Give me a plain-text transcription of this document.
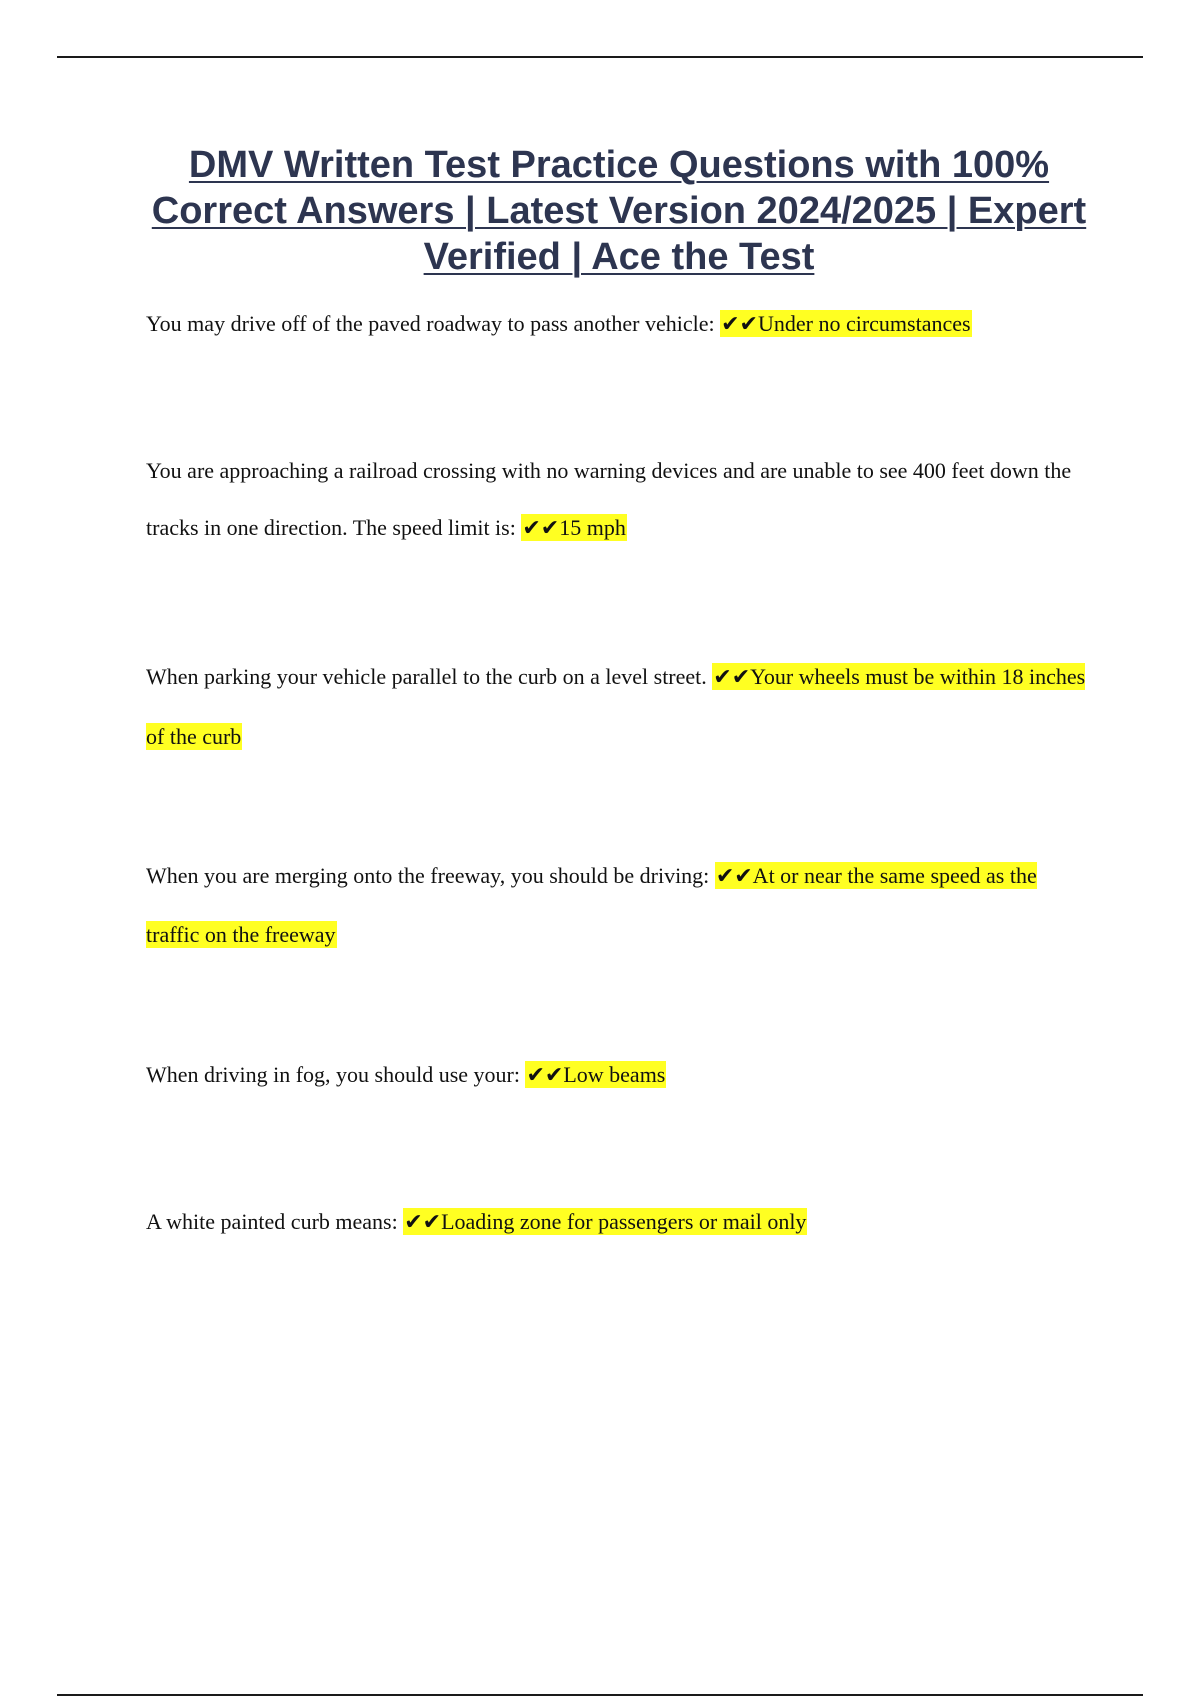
DMV Written Test Practice Questions with 100% Correct Answers | Latest Version 2024/2025 | Expert Verified | Ace the Test

You may drive off of the paved roadway to pass another vehicle: ✔✔Under no circumstances

You are approaching a railroad crossing with no warning devices and are unable to see 400 feet down the tracks in one direction. The speed limit is: ✔✔15 mph

When parking your vehicle parallel to the curb on a level street. ✔✔Your wheels must be within 18 inches of the curb

When you are merging onto the freeway, you should be driving: ✔✔At or near the same speed as the traffic on the freeway

When driving in fog, you should use your: ✔✔Low beams

A white painted curb means: ✔✔Loading zone for passengers or mail only
